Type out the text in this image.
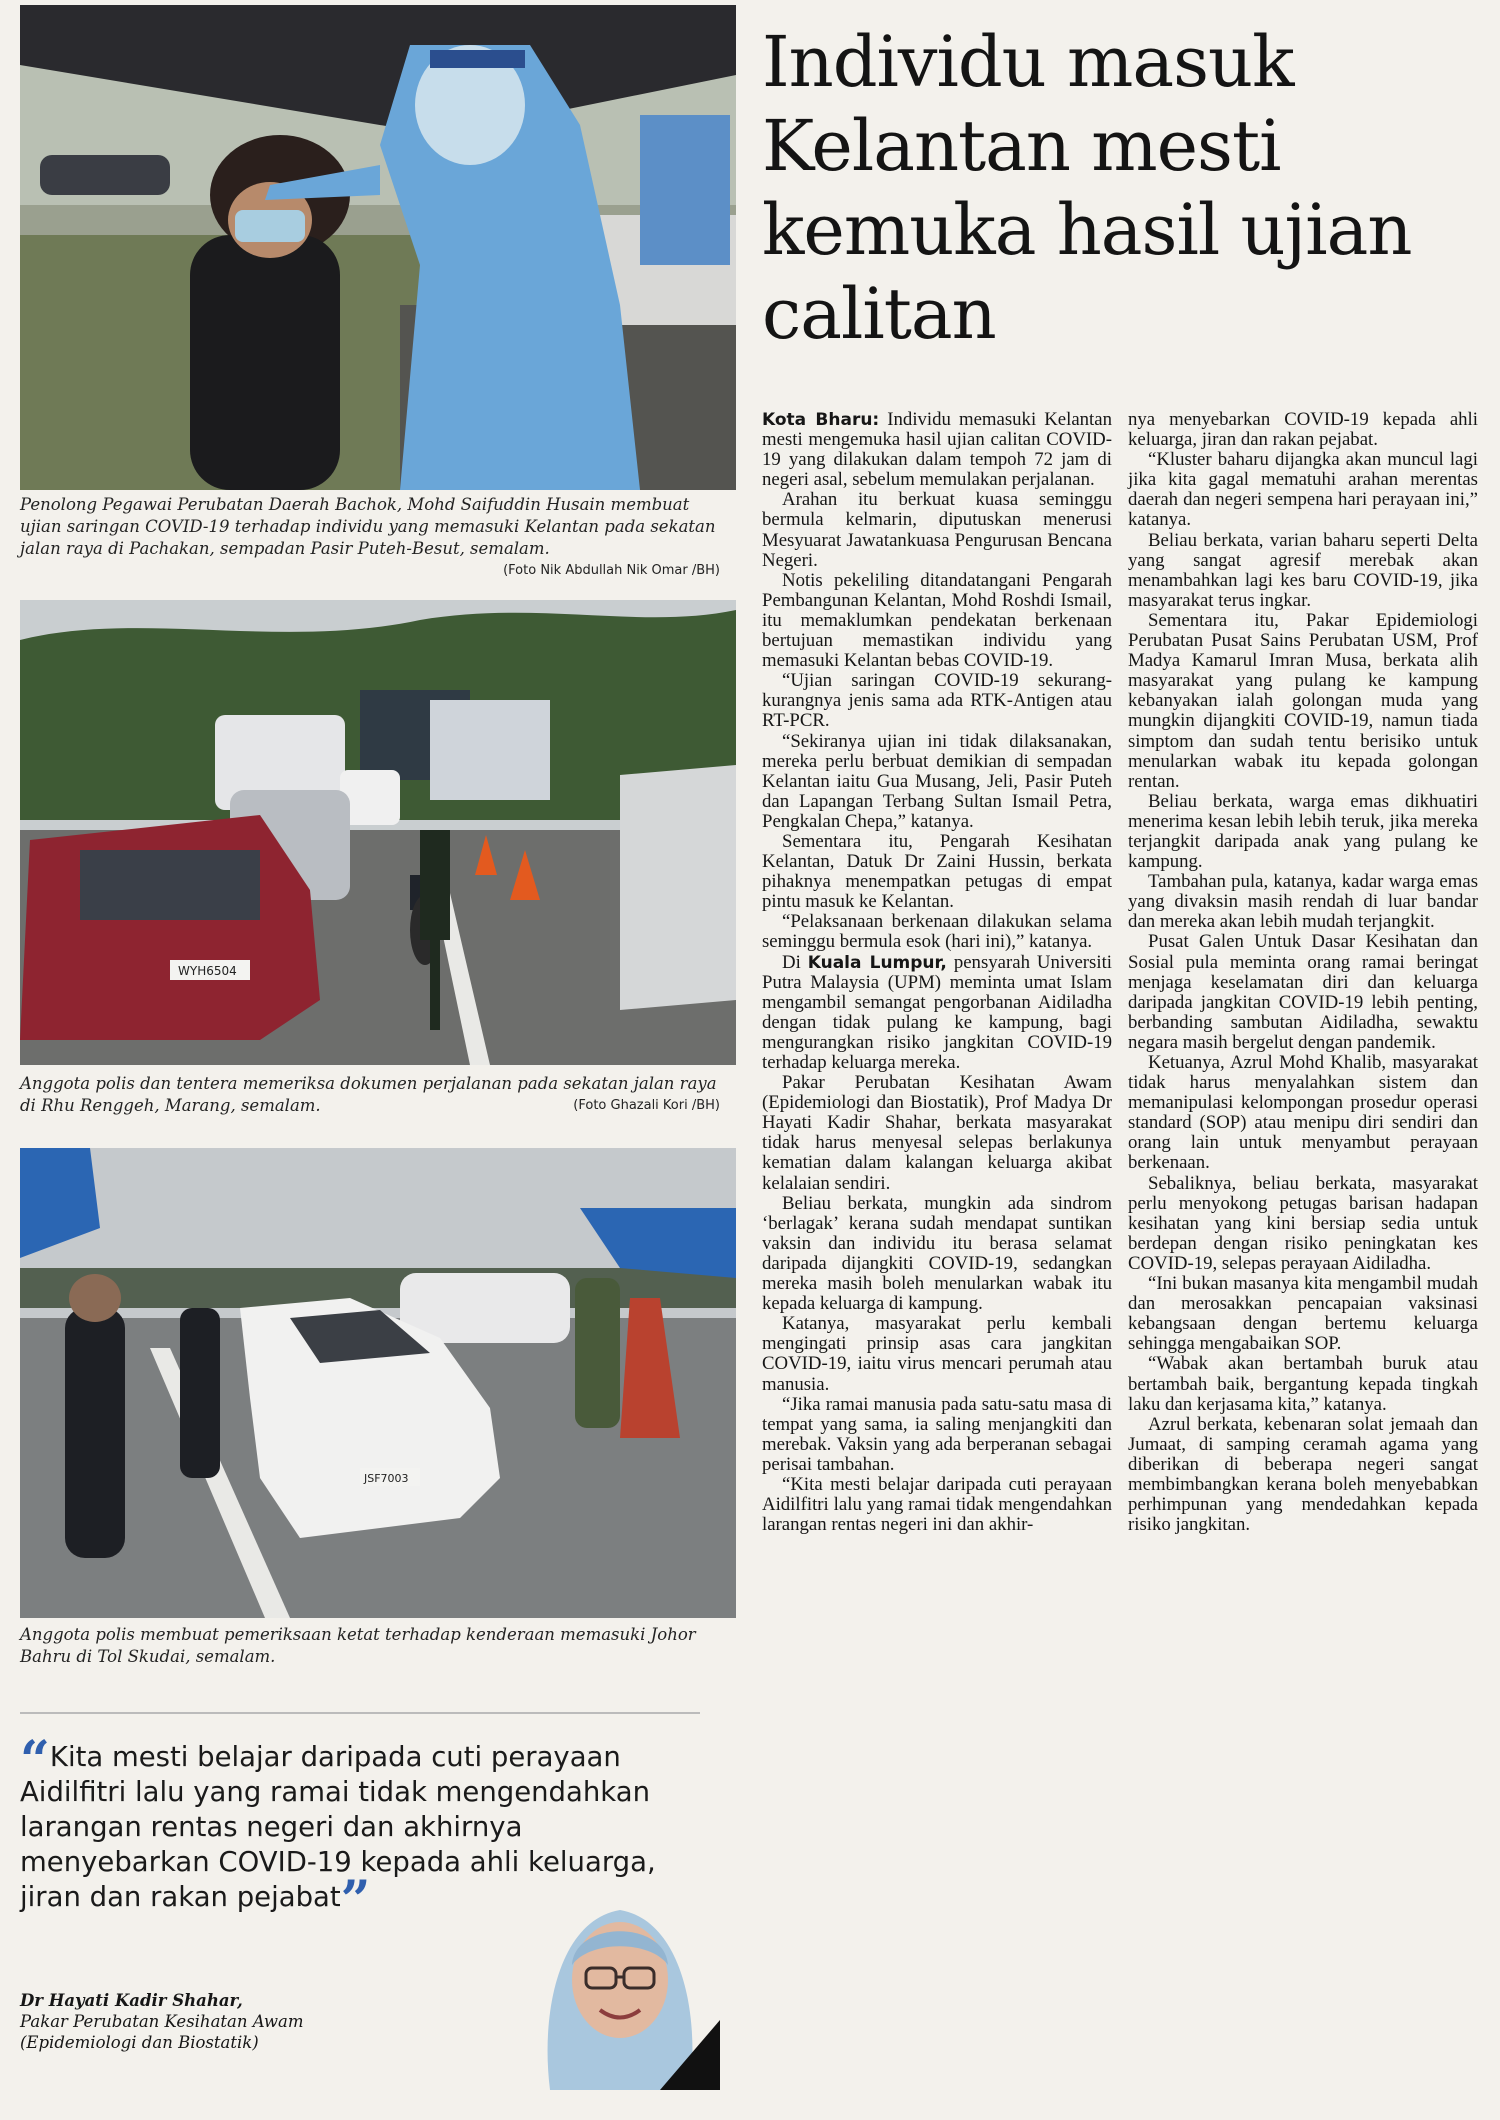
Penolong Pegawai Perubatan Daerah Bachok, Mohd Saifuddin Husain membuat ujian saringan COVID-19 terhadap individu yang memasuki Kelantan pada sekatan jalan raya di Pachakan, sempadan Pasir Puteh-Besut, semalam.
(Foto Nik Abdullah Nik Omar /BH)
WYH6504
Anggota polis dan tentera memeriksa dokumen perjalanan pada sekatan jalan raya di Rhu Renggeh, Marang, semalam.	(Foto Ghazali Kori /BH)
JSF7003
Anggota polis membuat pemeriksaan ketat terhadap kenderaan memasuki Johor Bahru di Tol Skudai, semalam.
Individu masuk Kelantan mesti kemuka hasil ujian calitan

Kota Bharu: Individu memasuki Kelantan mesti mengemuka hasil ujian calitan COVID-19 yang dilakukan dalam tempoh 72 jam di negeri asal, sebelum memulakan perjalanan.

Arahan itu berkuat kuasa seminggu bermula kelmarin, diputuskan menerusi Mesyuarat Jawatankuasa Pengurusan Bencana Negeri.

Notis pekeliling ditandatangani Pengarah Pembangunan Kelantan, Mohd Roshdi Ismail, itu memaklumkan pendekatan berkenaan bertujuan memastikan individu yang memasuki Kelantan bebas COVID-19.

“Ujian saringan COVID-19 sekurang-kurangnya jenis sama ada RTK-Antigen atau RT-PCR.

“Sekiranya ujian ini tidak dilaksanakan, mereka perlu berbuat demikian di sempadan Kelantan iaitu Gua Musang, Jeli, Pasir Puteh dan Lapangan Terbang Sultan Ismail Petra, Pengkalan Chepa,” katanya.

Sementara itu, Pengarah Kesihatan Kelantan, Datuk Dr Zaini Hussin, berkata pihaknya menempatkan petugas di empat pintu masuk ke Kelantan.

“Pelaksanaan berkenaan dilakukan selama seminggu bermula esok (hari ini),” katanya.

Di Kuala Lumpur, pensyarah Universiti Putra Malaysia (UPM) meminta umat Islam mengambil semangat pengorbanan Aidiladha dengan tidak pulang ke kampung, bagi mengurangkan risiko jangkitan COVID-19 terhadap keluarga mereka.

Pakar Perubatan Kesihatan Awam (Epidemiologi dan Biostatik), Prof Madya Dr Hayati Kadir Shahar, berkata masyarakat tidak harus menyesal selepas berlakunya kematian dalam kalangan keluarga akibat kelalaian sendiri.

Beliau berkata, mungkin ada sindrom ‘berlagak’ kerana sudah mendapat suntikan vaksin dan individu itu berasa selamat daripada dijangkiti COVID-19, sedangkan mereka masih boleh menularkan wabak itu kepada keluarga di kampung.

Katanya, masyarakat perlu kembali mengingati prinsip asas cara jangkitan COVID-19, iaitu virus mencari perumah atau manusia.

“Jika ramai manusia pada satu-satu masa di tempat yang sama, ia saling menjangkiti dan merebak. Vaksin yang ada berperanan sebagai perisai tambahan.

“Kita mesti belajar daripada cuti perayaan Aidilfitri lalu yang ramai tidak mengendahkan larangan rentas negeri ini dan akhir-

nya menyebarkan COVID-19 kepada ahli keluarga, jiran dan rakan pejabat.

“Kluster baharu dijangka akan muncul lagi jika kita gagal mematuhi arahan merentas daerah dan negeri sempena hari perayaan ini,” katanya.

Beliau berkata, varian baharu seperti Delta yang sangat agresif merebak akan menambahkan lagi kes baru COVID-19, jika masyarakat terus ingkar.

Sementara itu, Pakar Epidemiologi Perubatan Pusat Sains Perubatan USM, Prof Madya Kamarul Imran Musa, berkata alih masyarakat yang pulang ke kampung kebanyakan ialah golongan muda yang mungkin dijangkiti COVID-19, namun tiada simptom dan sudah tentu berisiko untuk menularkan wabak itu kepada golongan rentan.

Beliau berkata, warga emas dikhuatiri menerima kesan lebih lebih teruk, jika mereka terjangkit daripada anak yang pulang ke kampung.

Tambahan pula, katanya, kadar warga emas yang divaksin masih rendah di luar bandar dan mereka akan lebih mudah terjangkit.

Pusat Galen Untuk Dasar Kesihatan dan Sosial pula meminta orang ramai beringat menjaga keselamatan diri dan keluarga daripada jangkitan COVID-19 lebih penting, berbanding sambutan Aidiladha, sewaktu negara masih bergelut dengan pandemik.

Ketuanya, Azrul Mohd Khalib, masyarakat tidak harus menyalahkan sistem dan memanipulasi kelompongan prosedur operasi standard (SOP) atau menipu diri sendiri dan orang lain untuk menyambut perayaan berkenaan.

Sebaliknya, beliau berkata, masyarakat perlu menyokong petugas barisan hadapan kesihatan yang kini bersiap sedia untuk berdepan dengan risiko peningkatan kes COVID-19, selepas perayaan Aidiladha.

“Ini bukan masanya kita mengambil mudah dan merosakkan pencapaian vaksinasi kebangsaan dengan bertemu keluarga sehingga mengabaikan SOP.

“Wabak akan bertambah buruk atau bertambah baik, bergantung kepada tingkah laku dan kerjasama kita,” katanya.

Azrul berkata, kebenaran solat jemaah dan Jumaat, di samping ceramah agama yang diberikan di beberapa negeri sangat membimbangkan kerana boleh menyebabkan perhimpunan yang mendedahkan kepada risiko jangkitan.

“Kita mesti belajar daripada cuti perayaan Aidilfitri lalu yang ramai tidak mengendahkan larangan rentas negeri dan akhirnya menyebarkan COVID-19 kepada ahli keluarga, jiran dan rakan pejabat”
Dr Hayati Kadir Shahar,
Pakar Perubatan Kesihatan Awam (Epidemiologi dan Biostatik)
